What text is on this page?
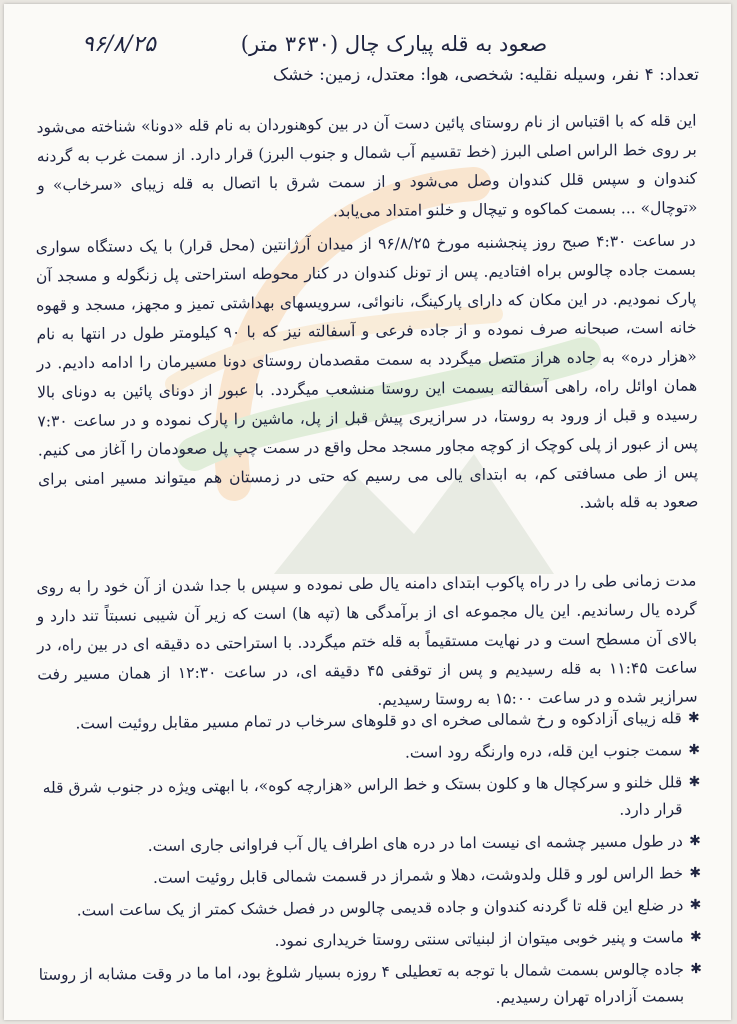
۹۶/۸/۲۵	صعود به قله پیارک چال (۳۶۳۰ متر)
تعداد: ۴ نفر، وسیله نقلیه: شخصی، هوا: معتدل، زمین: خشک
این قله که با اقتباس از نام روستای پائین دست آن در بین کوهنوردان به نام قله «دونا» شناخته می‌شود بر روی خط الراس اصلی البرز (خط تقسیم آب شمال و جنوب البرز) قرار دارد. از سمت غرب به گردنه کندوان و سپس قلل کندوان وصل می‌شود و از سمت شرق با اتصال به قله زیبای «سرخاب» و «توچال» ... بسمت کماکوه و تیچال و خلنو امتداد می‌یابد.
در ساعت ۴:۳۰ صبح روز پنجشنبه مورخ ۹۶/۸/۲۵ از میدان آرژانتین (محل قرار) با یک دستگاه سواری بسمت جاده چالوس براه افتادیم. پس از تونل کندوان در کنار محوطه استراحتی پل زنگوله و مسجد آن پارک نمودیم. در این مکان که دارای پارکینگ، نانوائی، سرویسهای بهداشتی تمیز و مجهز، مسجد و قهوه خانه است، صبحانه صرف نموده و از جاده فرعی و آسفالته نیز که با ۹۰ کیلومتر طول در انتها به نام «هزار دره» به جاده هراز متصل میگردد به سمت مقصدمان روستای دونا مسیرمان را ادامه دادیم. در همان اوائل راه، راهی آسفالته بسمت این روستا منشعب میگردد. با عبور از دونای پائین به دونای بالا رسیده و قبل از ورود به روستا، در سرازیری پیش قبل از پل، ماشین را پارک نموده و در ساعت ۷:۳۰ پس از عبور از پلی کوچک از کوچه مجاور مسجد محل واقع در سمت چپ پل صعودمان را آغاز می کنیم. پس از طی مسافتی کم، به ابتدای یالی می رسیم که حتی در زمستان هم میتواند مسیر امنی برای صعود به قله باشد.
مدت زمانی طی را در راه پاکوب ابتدای دامنه یال طی نموده و سپس با جدا شدن از آن خود را به روی گرده یال رساندیم. این یال مجموعه ای از برآمدگی ها (تپه ها) است که زیر آن شیبی نسبتاً تند دارد و بالای آن مسطح است و در نهایت مستقیماً به قله ختم میگردد. با استراحتی ده دقیقه ای در بین راه، در ساعت ۱۱:۴۵ به قله رسیدیم و پس از توقفی ۴۵ دقیقه ای، در ساعت ۱۲:۳۰ از همان مسیر رفت سرازیر شده و در ساعت ۱۵:۰۰ به روستا رسیدیم.
✱
قله زیبای آزادکوه و رخ شمالی صخره ای دو قلوهای سرخاب در تمام مسیر مقابل روئیت است.
✱
سمت جنوب این قله، دره وارنگه رود است.
✱
قلل خلنو و سرکچال ها و کلون بستک و خط الراس «هزارچه کوه»، با ابهتی ویژه در جنوب شرق قله قرار دارد.
✱
در طول مسیر چشمه ای نیست اما در دره های اطراف یال آب فراوانی جاری است.
✱
خط الراس لور و قلل ولدوشت، دهلا و شمراز در قسمت شمالی قابل روئیت است.
✱
در ضلع این قله تا گردنه کندوان و جاده قدیمی چالوس در فصل خشک کمتر از یک ساعت است.
✱
ماست و پنیر خوبی میتوان از لبنیاتی سنتی روستا خریداری نمود.
✱
جاده چالوس بسمت شمال با توجه به تعطیلی ۴ روزه بسیار شلوغ بود، اما ما در وقت مشابه از روستا بسمت آزادراه تهران رسیدیم.
